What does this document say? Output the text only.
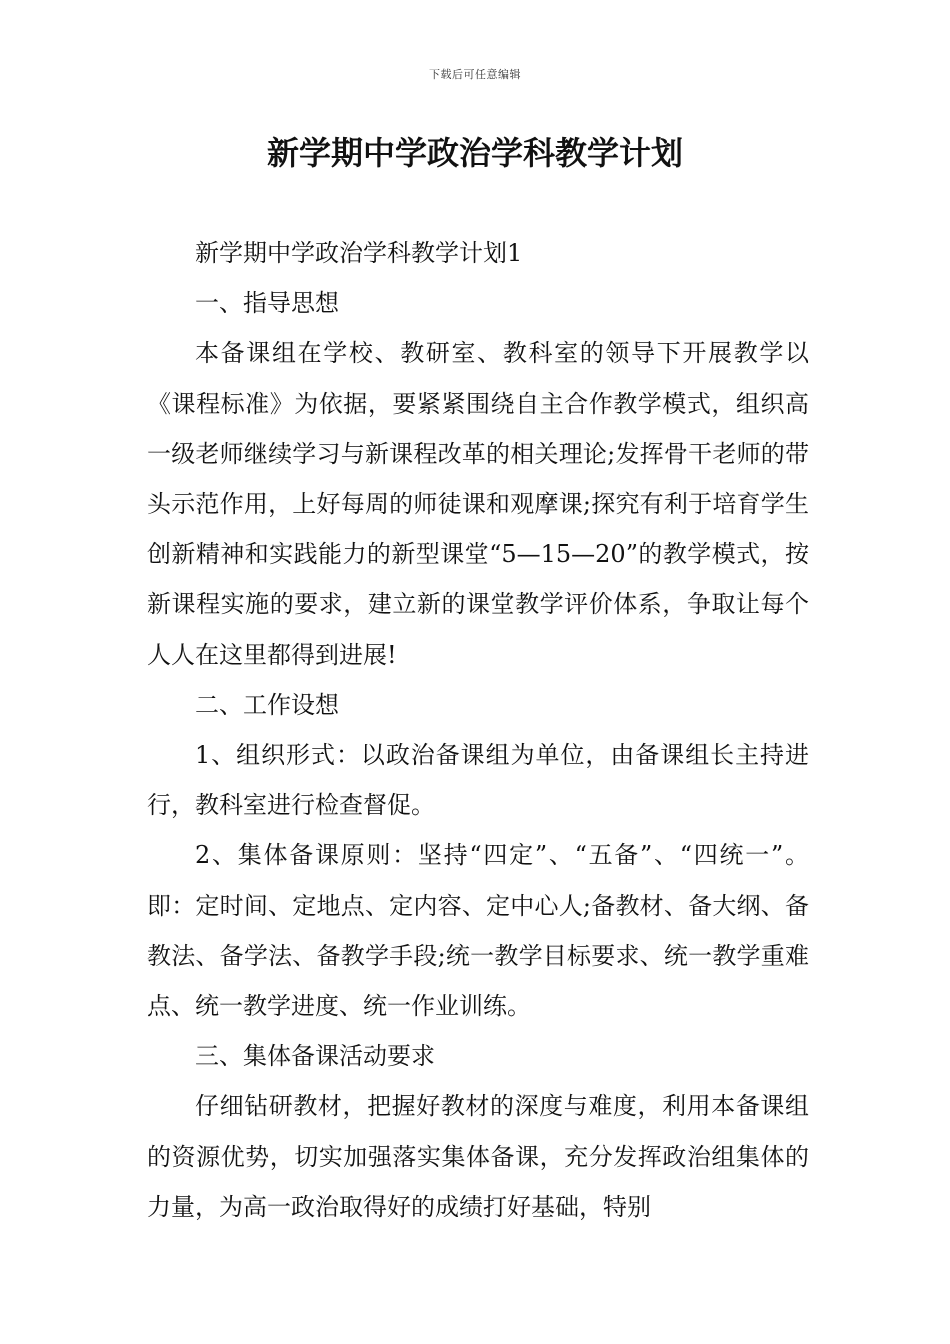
下载后可任意编辑
新学期中学政治学科教学计划

新学期中学政治学科教学计划1

一、指导思想

本备课组在学校、教研室、教科室的领导下开展教学以《课程标准》为依据，要紧紧围绕自主合作教学模式，组织高一级老师继续学习与新课程改革的相关理论;发挥骨干老师的带头示范作用，上好每周的师徒课和观摩课;探究有利于培育学生创新精神和实践能力的新型课堂“5—15—20”的教学模式，按新课程实施的要求，建立新的课堂教学评价体系，争取让每个人人在这里都得到进展!

二、工作设想

1、组织形式：以政治备课组为单位，由备课组长主持进行，教科室进行检查督促。

2、集体备课原则：坚持“四定”、“五备”、“四统一”。即：定时间、定地点、定内容、定中心人;备教材、备大纲、备教法、备学法、备教学手段;统一教学目标要求、统一教学重难点、统一教学进度、统一作业训练。

三、集体备课活动要求

仔细钻研教材，把握好教材的深度与难度，利用本备课组的资源优势，切实加强落实集体备课，充分发挥政治组集体的力量，为高一政治取得好的成绩打好基础，特别
